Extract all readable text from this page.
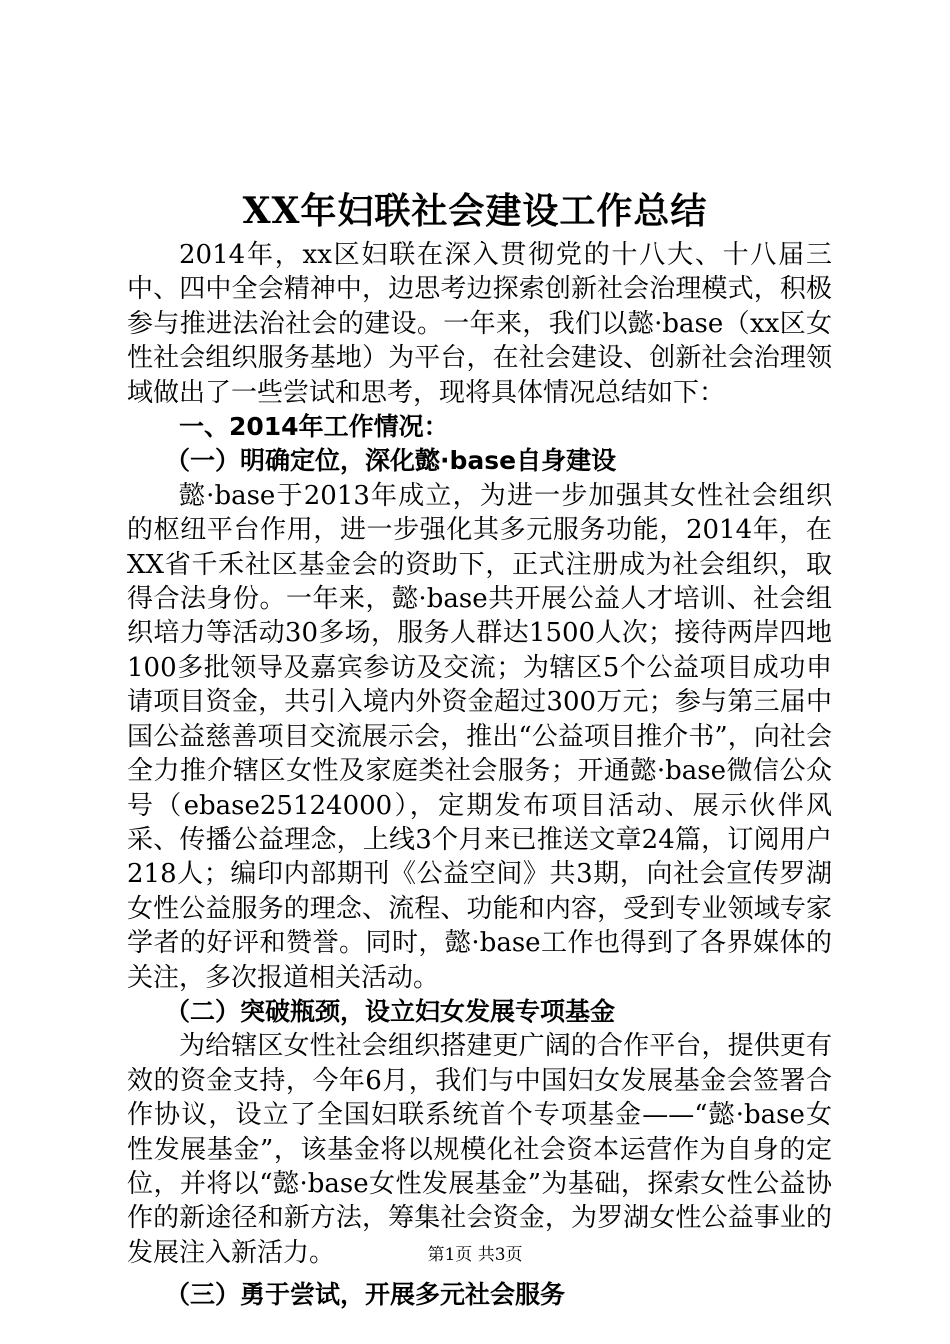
XX年妇联社会建设工作总结

2014年，xx区妇联在深入贯彻党的十八大、十八届三中、四中全会精神中，边思考边探索创新社会治理模式，积极参与推进法治社会的建设。一年来，我们以懿·base（xx区女性社会组织服务基地）为平台，在社会建设、创新社会治理领域做出了一些尝试和思考，现将具体情况总结如下：

一、2014年工作情况：

（一）明确定位，深化懿·base自身建设

懿·base于2013年成立，为进一步加强其女性社会组织的枢纽平台作用，进一步强化其多元服务功能，2014年，在XX省千禾社区基金会的资助下，正式注册成为社会组织，取得合法身份。一年来，懿·base共开展公益人才培训、社会组织培力等活动30多场，服务人群达1500人次；接待两岸四地100多批领导及嘉宾参访及交流；为辖区5个公益项目成功申请项目资金，共引入境内外资金超过300万元；参与第三届中国公益慈善项目交流展示会，推出“公益项目推介书”，向社会全力推介辖区女性及家庭类社会服务；开通懿·base微信公众号（ebase25124000），定期发布项目活动、展示伙伴风采、传播公益理念，上线3个月来已推送文章24篇，订阅用户218人；编印内部期刊《公益空间》共3期，向社会宣传罗湖女性公益服务的理念、流程、功能和内容，受到专业领域专家学者的好评和赞誉。同时，懿·base工作也得到了各界媒体的关注，多次报道相关活动。

（二）突破瓶颈，设立妇女发展专项基金

为给辖区女性社会组织搭建更广阔的合作平台，提供更有效的资金支持，今年6月，我们与中国妇女发展基金会签署合作协议，设立了全国妇联系统首个专项基金——“懿·base女性发展基金”，该基金将以规模化社会资本运营作为自身的定位，并将以“懿·base女性发展基金”为基础，探索女性公益协作的新途径和新方法，筹集社会资金，为罗湖女性公益事业的发展注入新活力。

（三）勇于尝试，开展多元社会服务

第1页 共3页
